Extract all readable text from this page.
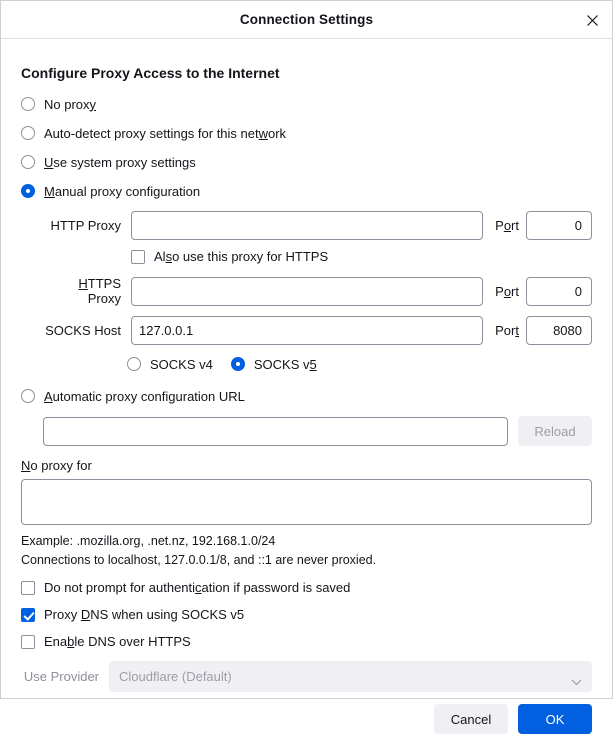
Connection Settings
Configure Proxy Access to the Internet
No proxy
Auto-detect proxy settings for this network
Use system proxy settings
Manual proxy configuration
HTTP Proxy	Port	0
Also use this proxy for HTTPS
HTTPS Proxy	Port	0
SOCKS Host	127.0.0.1	Port	8080
SOCKS v4	SOCKS v5
Automatic proxy configuration URL
Reload
No proxy for
Example: .mozilla.org, .net.nz, 192.168.1.0/24
Connections to localhost, 127.0.0.1/8, and ::1 are never proxied.
Do not prompt for authentication if password is saved
Proxy DNS when using SOCKS v5
Enable DNS over HTTPS
Use Provider	Cloudflare (Default)
Cancel	OK
